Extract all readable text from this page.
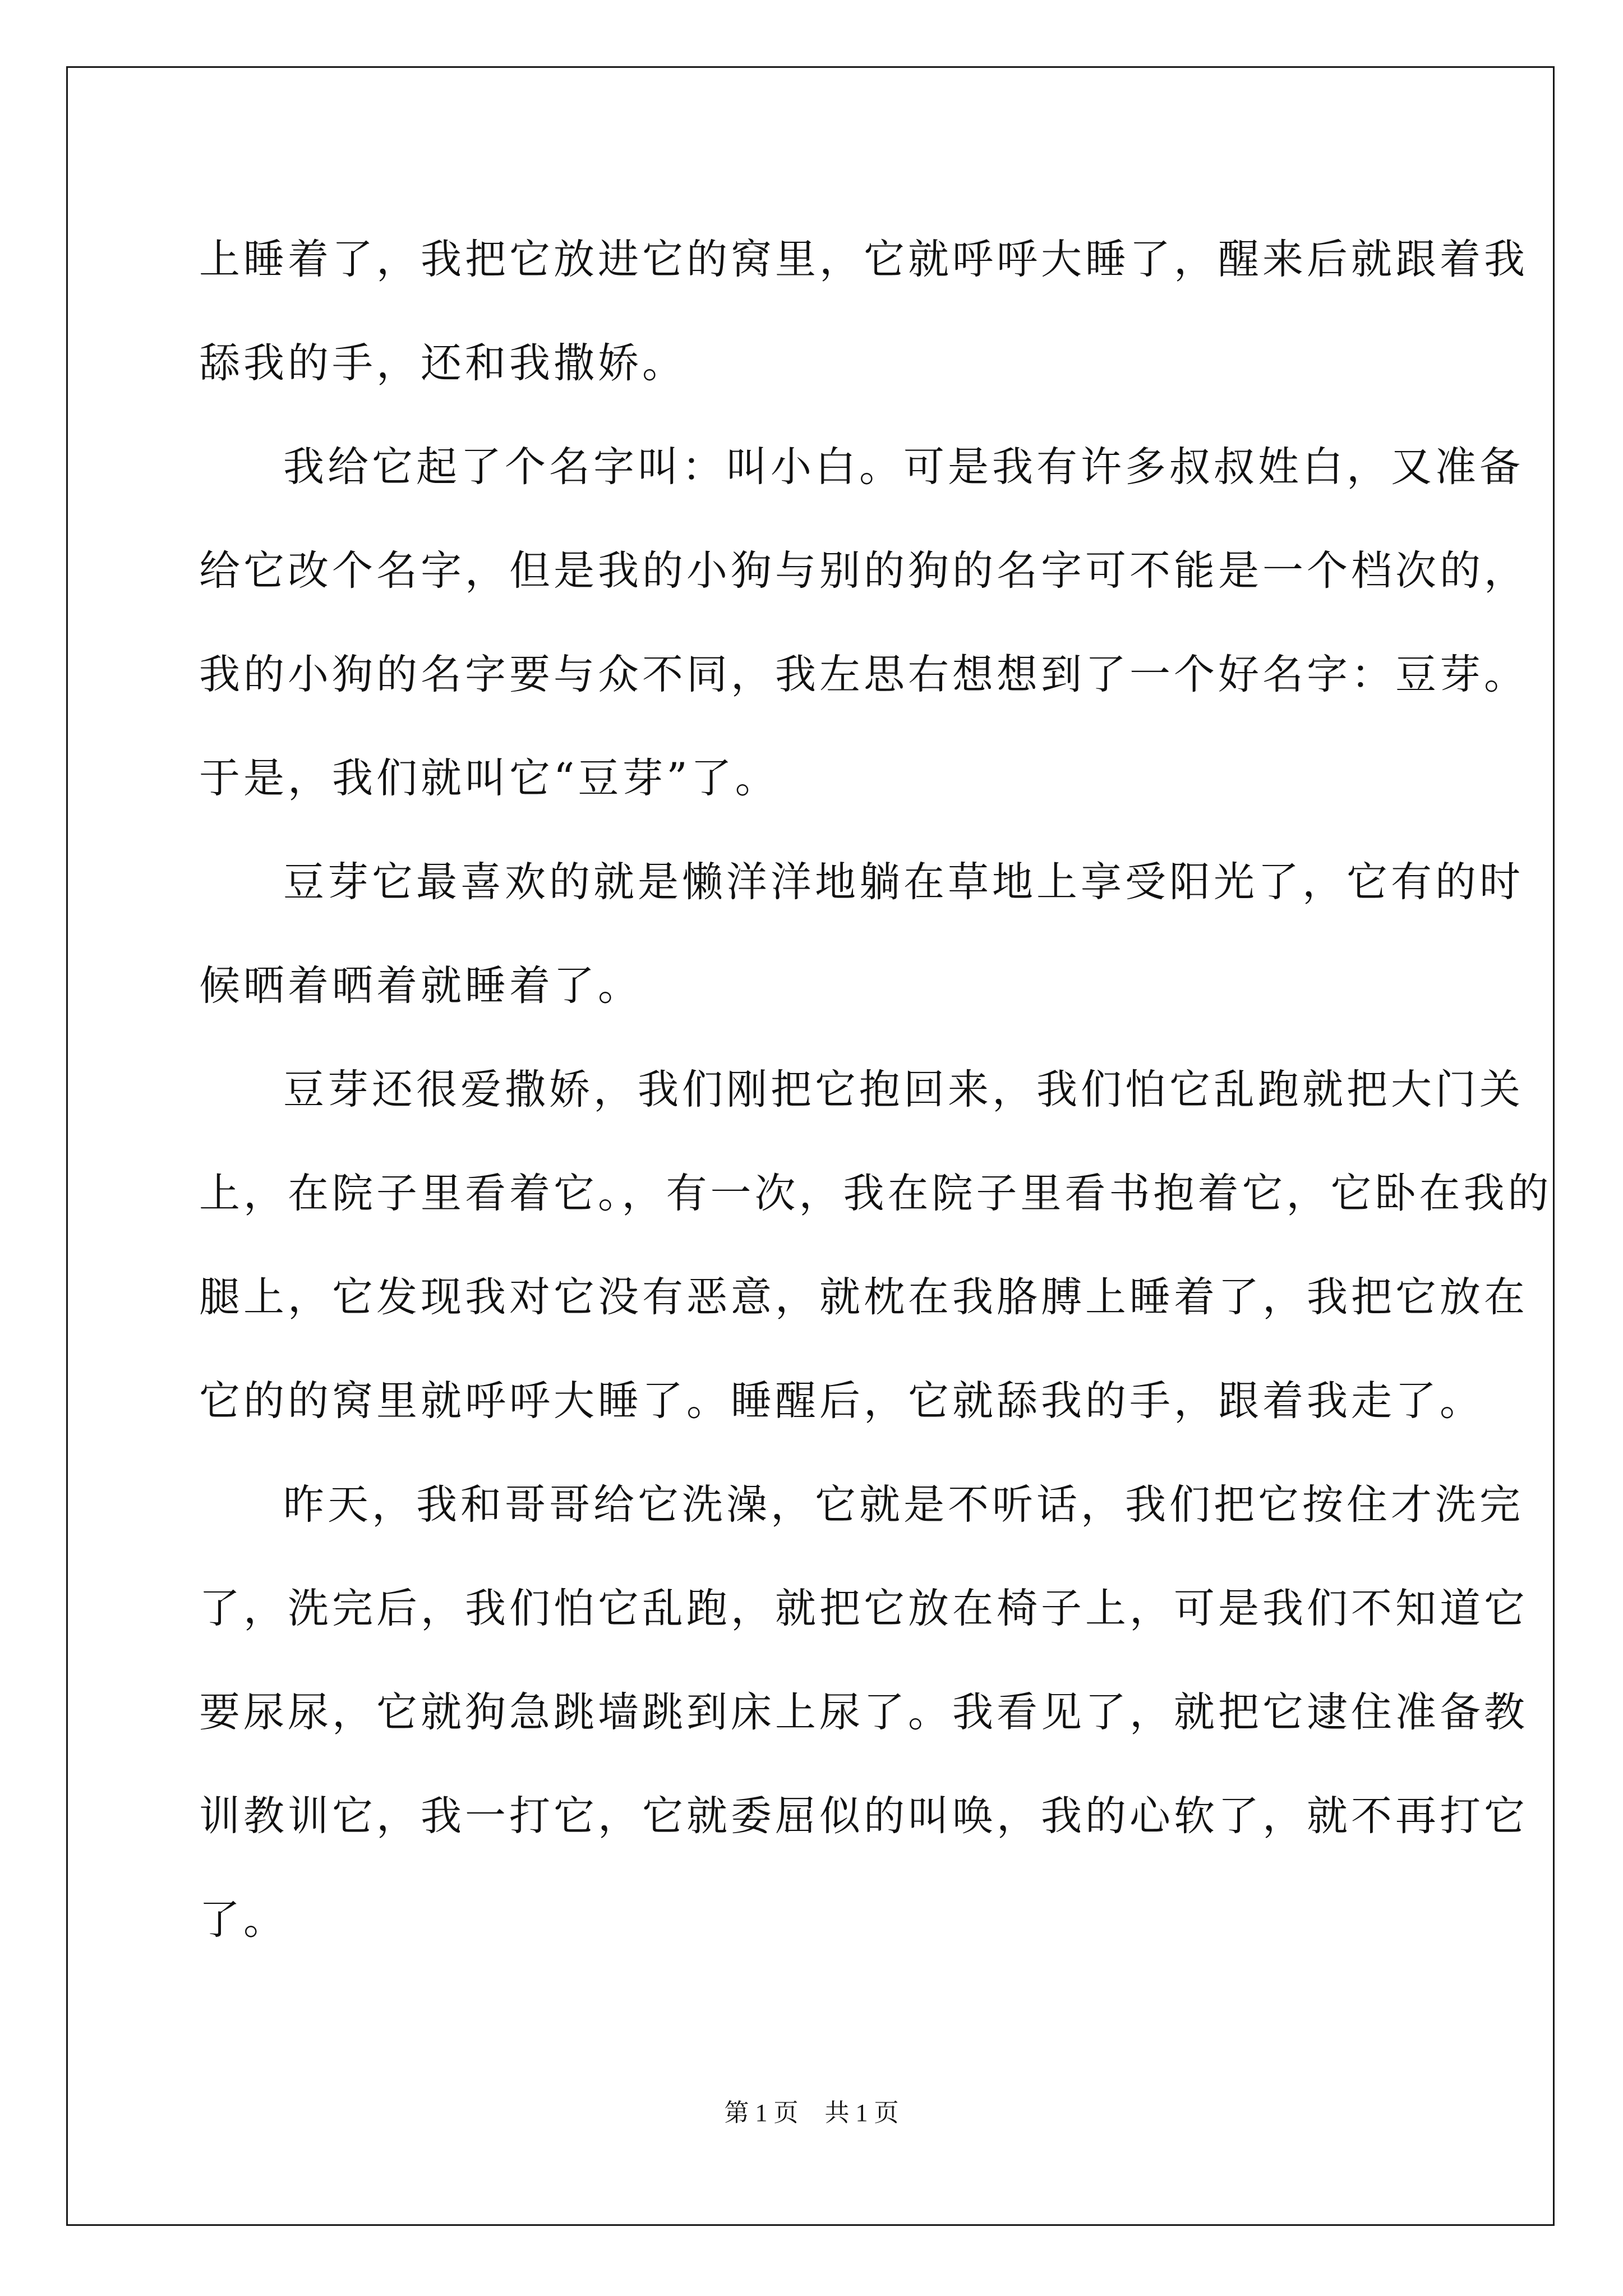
上睡着了，我把它放进它的窝里，它就呼呼大睡了，醒来后就跟着我

舔我的手，还和我撒娇。

我给它起了个名字叫：叫小白。可是我有许多叔叔姓白，又准备

给它改个名字，但是我的小狗与别的狗的名字可不能是一个档次的，

我的小狗的名字要与众不同，我左思右想想到了一个好名字：豆芽。

于是，我们就叫它“豆芽”了。

豆芽它最喜欢的就是懒洋洋地躺在草地上享受阳光了，它有的时

候晒着晒着就睡着了。

豆芽还很爱撒娇，我们刚把它抱回来，我们怕它乱跑就把大门关

上，在院子里看着它。，有一次，我在院子里看书抱着它，它卧在我的

腿上，它发现我对它没有恶意，就枕在我胳膊上睡着了，我把它放在

它的的窝里就呼呼大睡了。睡醒后，它就舔我的手，跟着我走了。

昨天，我和哥哥给它洗澡，它就是不听话，我们把它按住才洗完

了，洗完后，我们怕它乱跑，就把它放在椅子上，可是我们不知道它

要尿尿，它就狗急跳墙跳到床上尿了。我看见了，就把它逮住准备教

训教训它，我一打它，它就委屈似的叫唤，我的心软了，就不再打它

了。

第 1 页 共 1 页
